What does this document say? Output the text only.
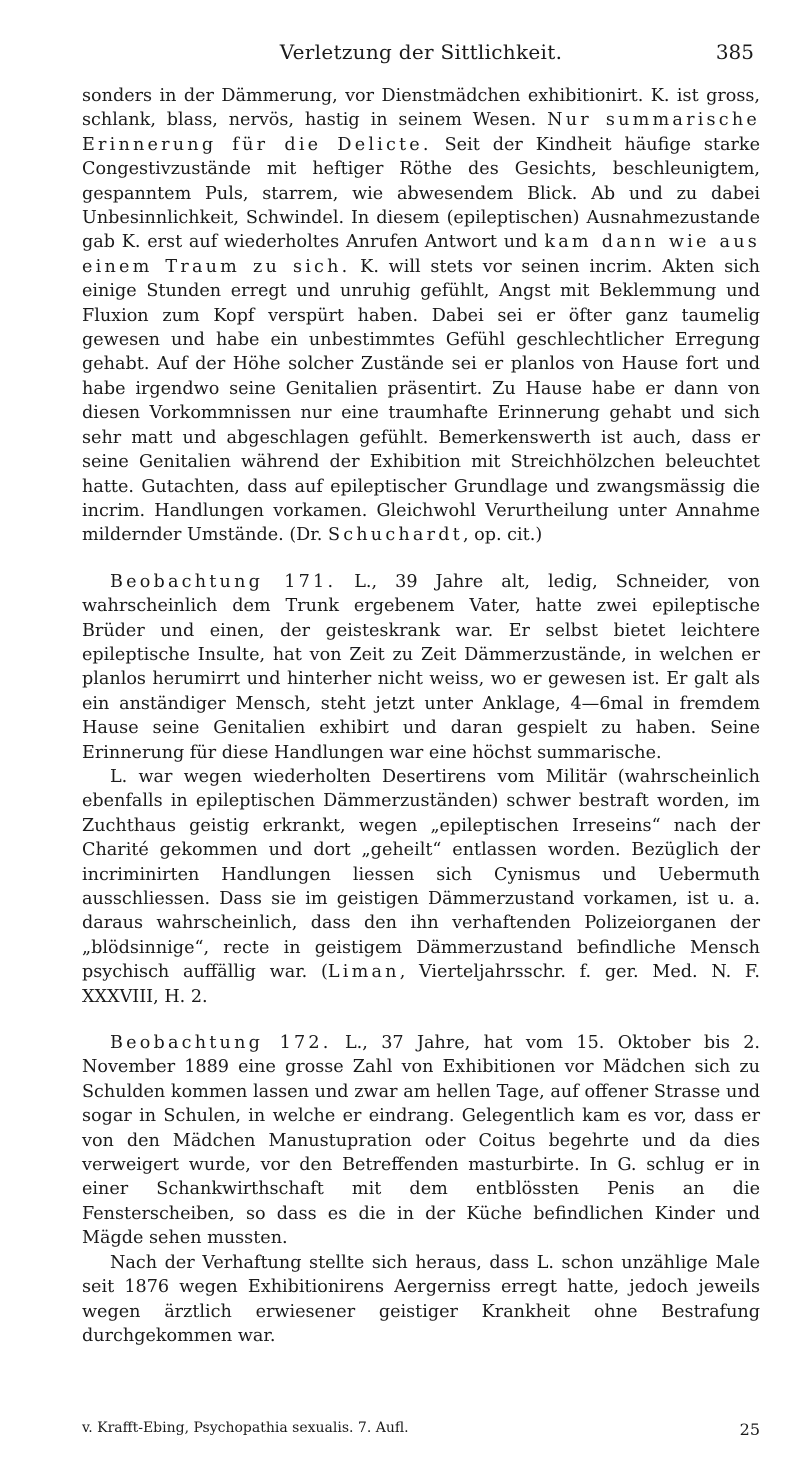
Verletzung der Sittlichkeit.	385

sonders in der Dämmerung, vor Dienstmädchen exhibitionirt. K. ist gross, schlank, blass, nervös, hastig in seinem Wesen. Nur summarische Erinnerung für die Delicte. Seit der Kindheit häufige starke Congestivzustände mit heftiger Röthe des Gesichts, beschleunigtem, gespanntem Puls, starrem, wie abwesendem Blick. Ab und zu dabei Unbesinnlichkeit, Schwindel. In diesem (epileptischen) Ausnahmezustande gab K. erst auf wiederholtes Anrufen Antwort und kam dann wie aus einem Traum zu sich. K. will stets vor seinen incrim. Akten sich einige Stunden erregt und unruhig gefühlt, Angst mit Beklemmung und Fluxion zum Kopf verspürt haben. Dabei sei er öfter ganz taumelig gewesen und habe ein unbestimmtes Gefühl geschlechtlicher Erregung gehabt. Auf der Höhe solcher Zustände sei er planlos von Hause fort und habe irgendwo seine Genitalien präsentirt. Zu Hause habe er dann von diesen Vorkommnissen nur eine traumhafte Erinnerung gehabt und sich sehr matt und abgeschlagen gefühlt. Bemerkenswerth ist auch, dass er seine Genitalien während der Exhibition mit Streichhölzchen beleuchtet hatte. Gutachten, dass auf epileptischer Grundlage und zwangsmässig die incrim. Handlungen vorkamen. Gleichwohl Verurtheilung unter Annahme mildernder Umstände. (Dr. Schuchardt, op. cit.)

Beobachtung 171. L., 39 Jahre alt, ledig, Schneider, von wahrscheinlich dem Trunk ergebenem Vater, hatte zwei epileptische Brüder und einen, der geisteskrank war. Er selbst bietet leichtere epileptische Insulte, hat von Zeit zu Zeit Dämmerzustände, in welchen er planlos herumirrt und hinterher nicht weiss, wo er gewesen ist. Er galt als ein anständiger Mensch, steht jetzt unter Anklage, 4—6mal in fremdem Hause seine Genitalien exhibirt und daran gespielt zu haben. Seine Erinnerung für diese Handlungen war eine höchst summarische.

L. war wegen wiederholten Desertirens vom Militär (wahrscheinlich ebenfalls in epileptischen Dämmerzuständen) schwer bestraft worden, im Zuchthaus geistig erkrankt, wegen „epileptischen Irreseins“ nach der Charité gekommen und dort „geheilt“ entlassen worden. Bezüglich der incriminirten Handlungen liessen sich Cynismus und Uebermuth ausschliessen. Dass sie im geistigen Dämmerzustand vorkamen, ist u. a. daraus wahrscheinlich, dass den ihn verhaftenden Polizeiorganen der „blödsinnige“, recte in geistigem Dämmerzustand befindliche Mensch psychisch auffällig war. (Liman, Vierteljahrsschr. f. ger. Med. N. F. XXXVIII, H. 2.

Beobachtung 172. L., 37 Jahre, hat vom 15. Oktober bis 2. November 1889 eine grosse Zahl von Exhibitionen vor Mädchen sich zu Schulden kommen lassen und zwar am hellen Tage, auf offener Strasse und sogar in Schulen, in welche er eindrang. Gelegentlich kam es vor, dass er von den Mädchen Manustupration oder Coitus begehrte und da dies verweigert wurde, vor den Betreffenden masturbirte. In G. schlug er in einer Schankwirthschaft mit dem entblössten Penis an die Fensterscheiben, so dass es die in der Küche befindlichen Kinder und Mägde sehen mussten.

Nach der Verhaftung stellte sich heraus, dass L. schon unzählige Male seit 1876 wegen Exhibitionirens Aergerniss erregt hatte, jedoch jeweils wegen ärztlich erwiesener geistiger Krankheit ohne Bestrafung durchgekommen war.

v. Krafft-Ebing, Psychopathia sexualis. 7. Aufl.	25
